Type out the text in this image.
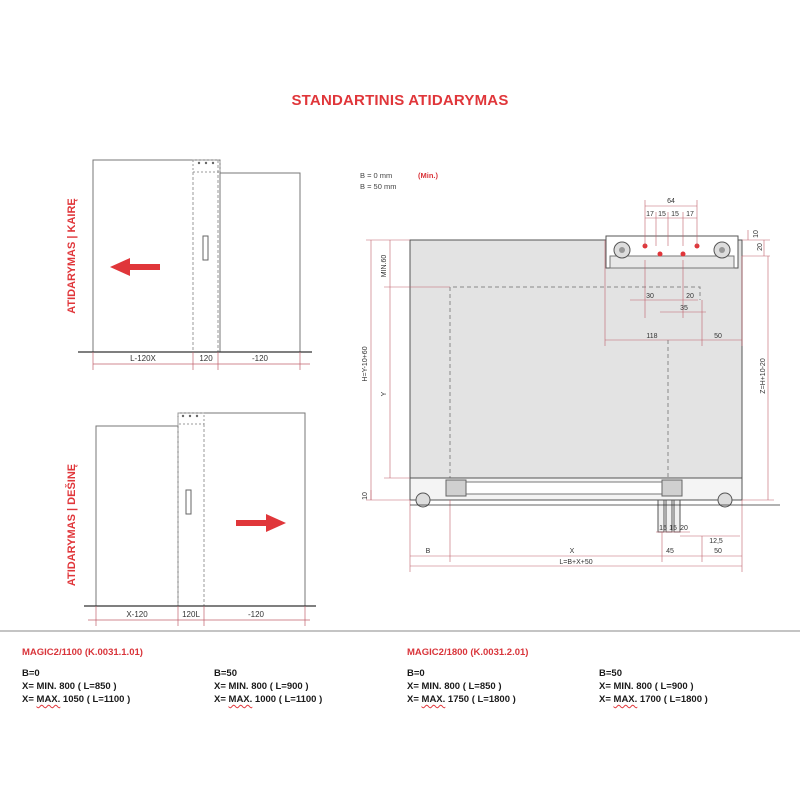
STANDARTINIS ATIDARYMAS
ATIDARYMAS | KAIRĘ
L-120X	120	-120
ATIDARYMAS | DEŠINĘ
X-120	120L	-120
B = 0 mm	(Min.)
B = 50 mm
64
17 15 15 17
10
20
30	20
35
118	50
MIN.60
H=Y-10+60
Y
Z=H+10-20
10
15 15 20
12,5
B	X	45	50
L=B+X+50
MAGIC2/1100 (K.0031.1.01)
B=0
X= MIN. 800 ( L=850 )
X= MAX. 1050 ( L=1100 )
B=50
X= MIN. 800 ( L=900 )
X= MAX. 1000 ( L=1100 )
MAGIC2/1800 (K.0031.2.01)
B=0
X= MIN. 800 ( L=850 )
X= MAX. 1750 ( L=1800 )
B=50
X= MIN. 800 ( L=900 )
X= MAX. 1700 ( L=1800 )
